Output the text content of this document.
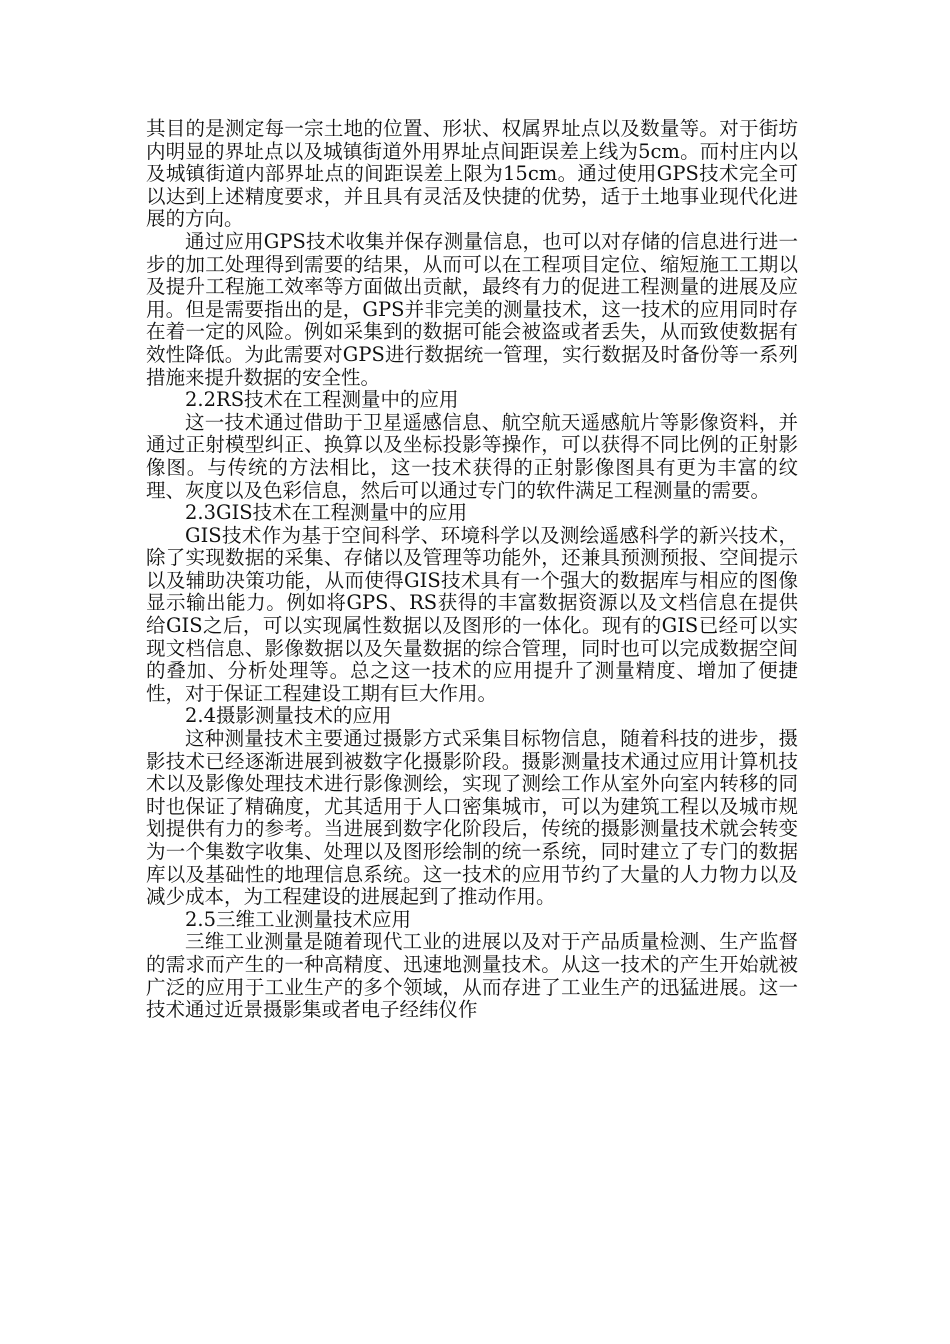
其目的是测定每一宗土地的位置、形状、权属界址点以及数量等。对于街坊内明显的界址点以及城镇街道外用界址点间距误差上线为5cm。而村庄内以及城镇街道内部界址点的间距误差上限为15cm。通过使用GPS技术完全可以达到上述精度要求，并且具有灵活及快捷的优势，适于土地事业现代化进展的方向。

通过应用GPS技术收集并保存测量信息，也可以对存储的信息进行进一步的加工处理得到需要的结果，从而可以在工程项目定位、缩短施工工期以及提升工程施工效率等方面做出贡献，最终有力的促进工程测量的进展及应用。但是需要指出的是，GPS并非完美的测量技术，这一技术的应用同时存在着一定的风险。例如采集到的数据可能会被盗或者丢失，从而致使数据有效性降低。为此需要对GPS进行数据统一管理，实行数据及时备份等一系列措施来提升数据的安全性。

2.2RS技术在工程测量中的应用

这一技术通过借助于卫星遥感信息、航空航天遥感航片等影像资料，并通过正射模型纠正、换算以及坐标投影等操作，可以获得不同比例的正射影像图。与传统的方法相比，这一技术获得的正射影像图具有更为丰富的纹理、灰度以及色彩信息，然后可以通过专门的软件满足工程测量的需要。

2.3GIS技术在工程测量中的应用

GIS技术作为基于空间科学、环境科学以及测绘遥感科学的新兴技术，除了实现数据的采集、存储以及管理等功能外，还兼具预测预报、空间提示以及辅助决策功能，从而使得GIS技术具有一个强大的数据库与相应的图像显示输出能力。例如将GPS、RS获得的丰富数据资源以及文档信息在提供给GIS之后，可以实现属性数据以及图形的一体化。现有的GIS已经可以实现文档信息、影像数据以及矢量数据的综合管理，同时也可以完成数据空间的叠加、分析处理等。总之这一技术的应用提升了测量精度、增加了便捷性，对于保证工程建设工期有巨大作用。

2.4摄影测量技术的应用

这种测量技术主要通过摄影方式采集目标物信息，随着科技的进步，摄影技术已经逐渐进展到被数字化摄影阶段。摄影测量技术通过应用计算机技术以及影像处理技术进行影像测绘，实现了测绘工作从室外向室内转移的同时也保证了精确度，尤其适用于人口密集城市，可以为建筑工程以及城市规划提供有力的参考。当进展到数字化阶段后，传统的摄影测量技术就会转变为一个集数字收集、处理以及图形绘制的统一系统，同时建立了专门的数据库以及基础性的地理信息系统。这一技术的应用节约了大量的人力物力以及减少成本，为工程建设的进展起到了推动作用。

2.5三维工业测量技术应用

三维工业测量是随着现代工业的进展以及对于产品质量检测、生产监督的需求而产生的一种高精度、迅速地测量技术。从这一技术的产生开始就被广泛的应用于工业生产的多个领域，从而存进了工业生产的迅猛进展。这一技术通过近景摄影集或者电子经纬仪作
